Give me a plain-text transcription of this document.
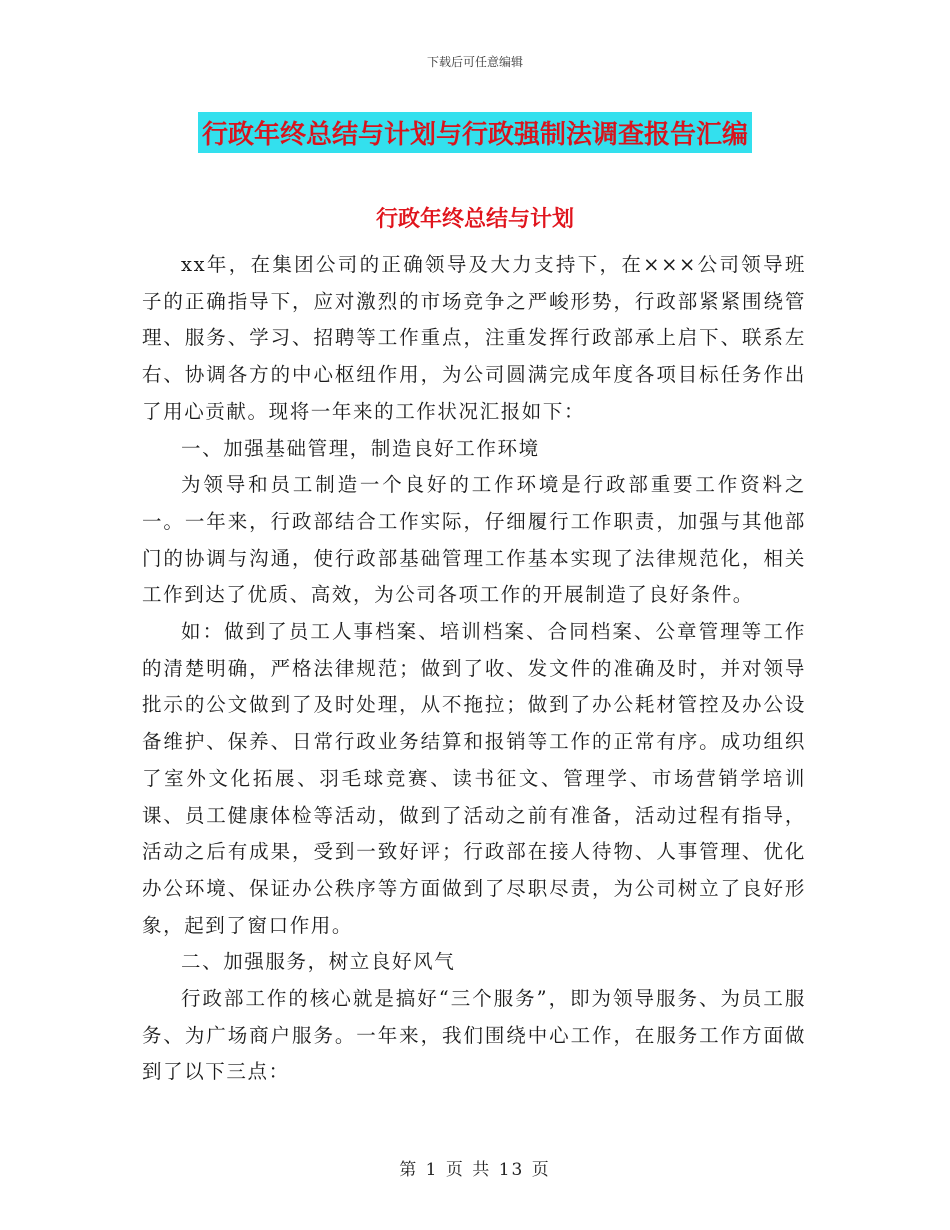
下载后可任意编辑
行政年终总结与计划与行政强制法调查报告汇编
行政年终总结与计划

xx年，在集团公司的正确领导及大力支持下，在×××公司领导班子的正确指导下，应对激烈的市场竞争之严峻形势，行政部紧紧围绕管理、服务、学习、招聘等工作重点，注重发挥行政部承上启下、联系左右、协调各方的中心枢纽作用，为公司圆满完成年度各项目标任务作出了用心贡献。现将一年来的工作状况汇报如下：

一、加强基础管理，制造良好工作环境

为领导和员工制造一个良好的工作环境是行政部重要工作资料之一。一年来，行政部结合工作实际，仔细履行工作职责，加强与其他部门的协调与沟通，使行政部基础管理工作基本实现了法律规范化，相关工作到达了优质、高效，为公司各项工作的开展制造了良好条件。

如：做到了员工人事档案、培训档案、合同档案、公章管理等工作的清楚明确，严格法律规范；做到了收、发文件的准确及时，并对领导批示的公文做到了及时处理，从不拖拉；做到了办公耗材管控及办公设备维护、保养、日常行政业务结算和报销等工作的正常有序。成功组织了室外文化拓展、羽毛球竞赛、读书征文、管理学、市场营销学培训课、员工健康体检等活动，做到了活动之前有准备，活动过程有指导，活动之后有成果，受到一致好评；行政部在接人待物、人事管理、优化办公环境、保证办公秩序等方面做到了尽职尽责，为公司树立了良好形象，起到了窗口作用。

二、加强服务，树立良好风气

行政部工作的核心就是搞好“三个服务”，即为领导服务、为员工服务、为广场商户服务。一年来，我们围绕中心工作，在服务工作方面做到了以下三点：

第 1 页 共 13 页
